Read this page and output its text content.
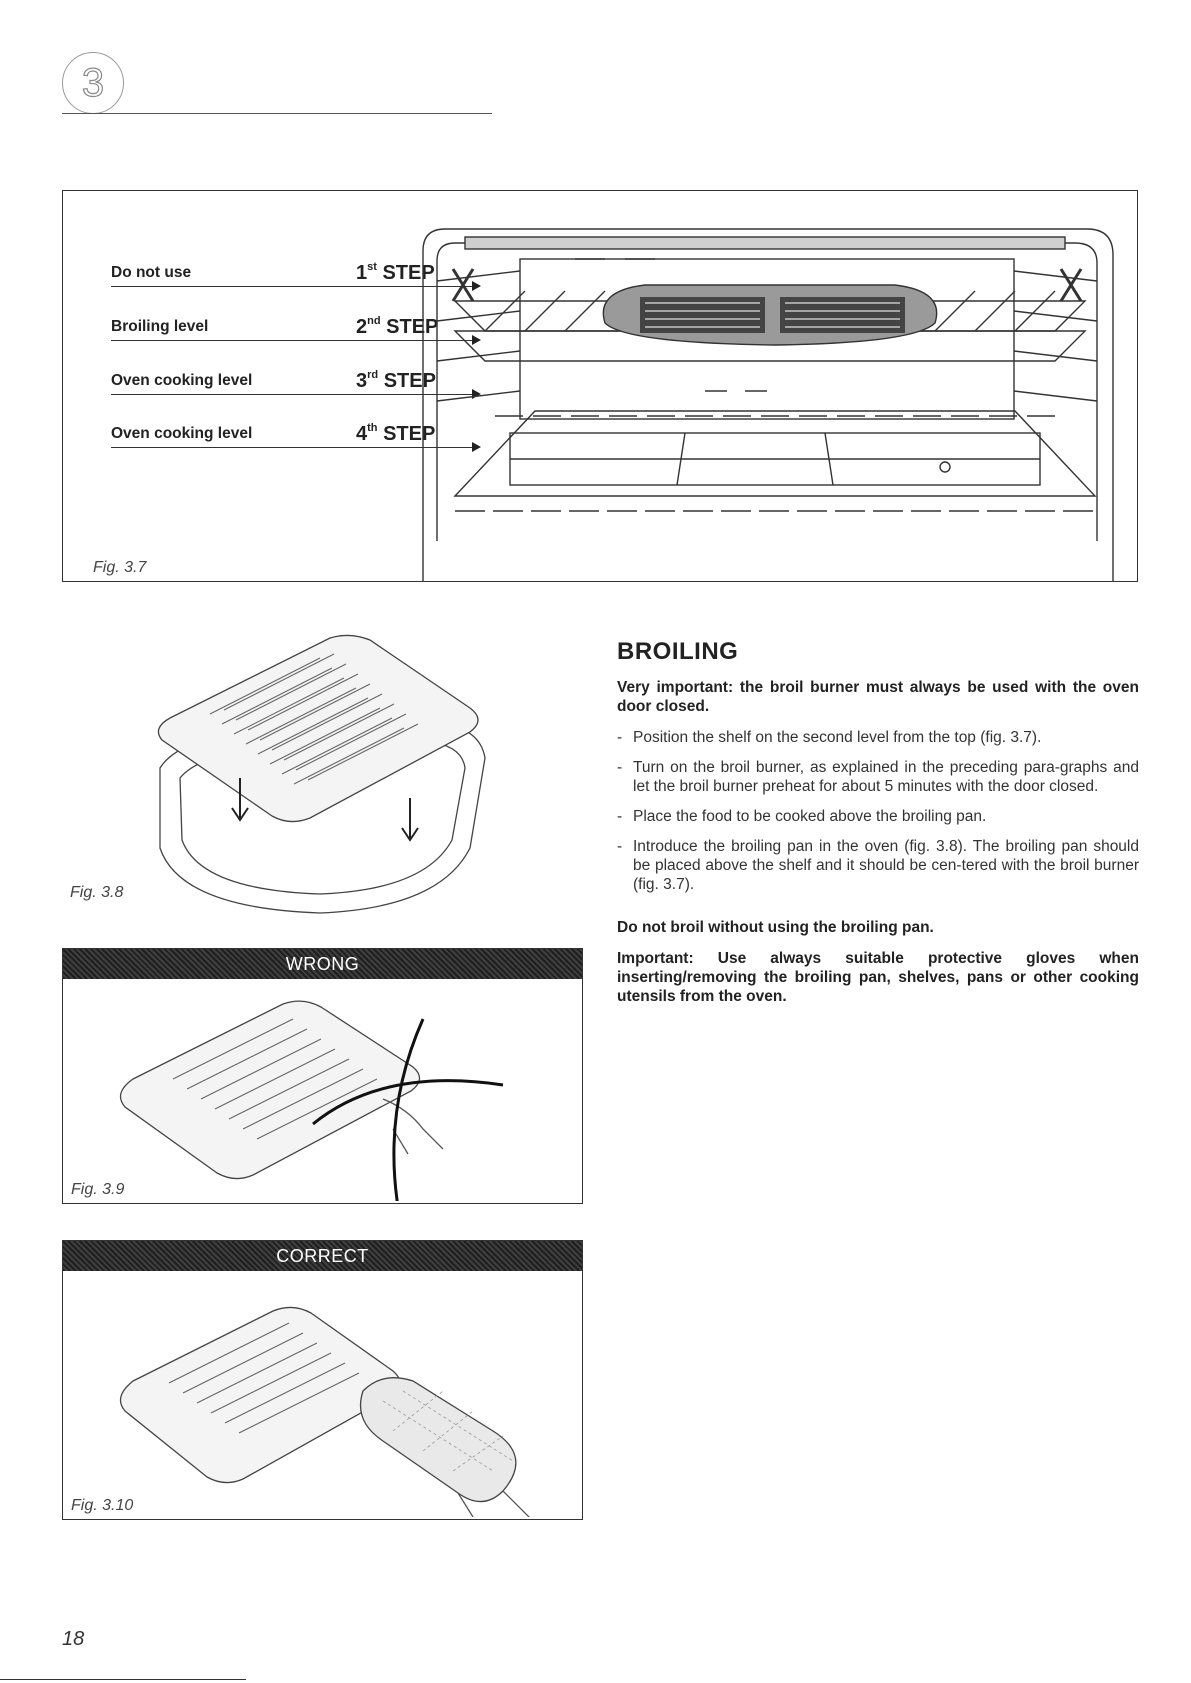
3
Do not use	1st STEP
Broiling level	2nd STEP
Oven cooking level	3rd STEP
Oven cooking level	4th STEP
Fig. 3.7
Fig. 3.8
WRONG
Fig. 3.9
CORRECT
Fig. 3.10
BROILING

Very important: the broil burner must always be used with the oven door closed.

- Position the shelf on the second level from the top (fig. 3.7).
- Turn on the broil burner, as explained in the preceding para-graphs and let the broil burner preheat for about 5 minutes with the door closed.
- Place the food to be cooked above the broiling pan.
- Introduce the broiling pan in the oven (fig. 3.8). The broiling pan should be placed above the shelf and it should be cen-tered with the broil burner (fig. 3.7).

Do not broil without using the broiling pan.

Important: Use always suitable protective gloves when inserting/removing the broiling pan, shelves, pans or other cooking utensils from the oven.

18
